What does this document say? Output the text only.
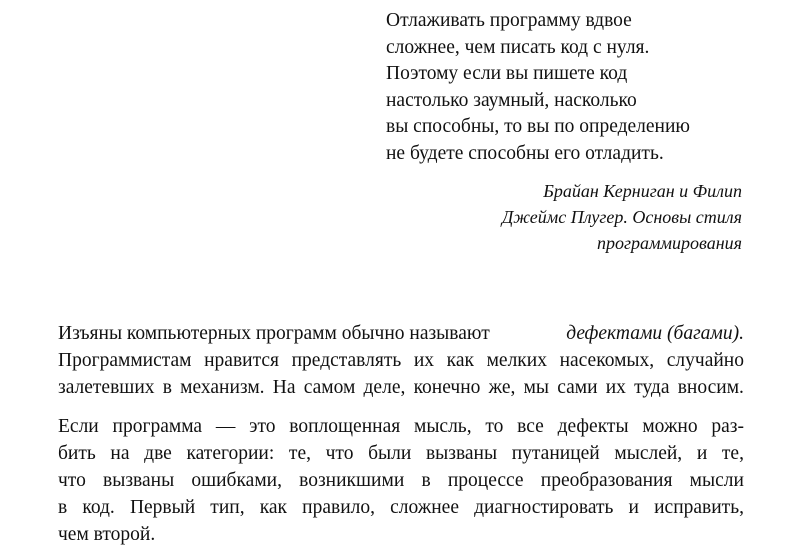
Отлаживать программу вдвое
сложнее, чем писать код с нуля.
Поэтому если вы пишете код
настолько заумный, насколько
вы способны, то вы по определению
не будете способны его отладить.
Брайан Керниган и Филип
Джеймс Плугер. Основы стиля
программирования
Изъяны компьютерных программ обычно называют	дефектами (багами).
Программистам нравится представлять их как мелких насекомых, случайно
залетевших в механизм. На самом деле, конечно же, мы сами их туда вносим.
Если программа — это воплощенная мысль, то все дефекты можно раз-
бить на две категории: те, что были вызваны путаницей мыслей, и те,
что вызваны ошибками, возникшими в процессе преобразования мысли
в код. Первый тип, как правило, сложнее диагностировать и исправить,
чем второй.
